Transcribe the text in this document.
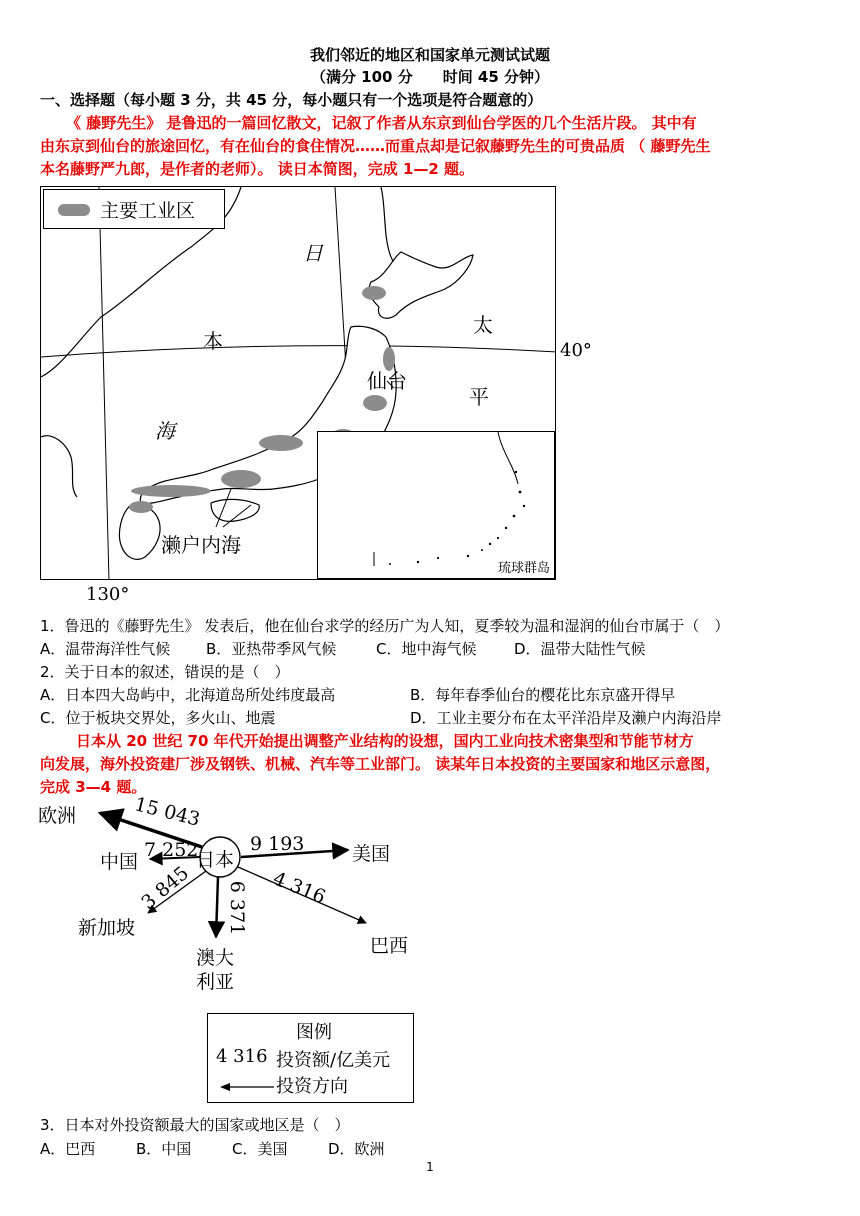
我们邻近的地区和国家单元测试试题
（满分 100 分　　时间 45 分钟）
一、选择题（每小题 3 分，共 45 分，每小题只有一个选项是符合题意的）
《 藤野先生》 是鲁迅的一篇回忆散文，记叙了作者从东京到仙台学医的几个生活片段。 其中有
由东京到仙台的旅途回忆，有在仙台的食住情况……而重点却是记叙藤野先生的可贵品质 （ 藤野先生
本名藤野严九郎，是作者的老师）。 读日本简图，完成 1—2 题。
主要工业区
日
本
海
太
平
仙台
濑户内海
琉球群岛
40°
130°
1．鲁迅的《藤野先生》 发表后，他在仙台求学的经历广为人知，夏季较为温和湿润的仙台市属于（　）
A．温带海洋性气候 B．亚热带季风气候	C．地中海气候	D．温带大陆性气候
2．关于日本的叙述，错误的是（　）
A．日本四大岛屿中，北海道岛所处纬度最高	B．每年春季仙台的樱花比东京盛开得早
C．位于板块交界处，多火山、地震	D．工业主要分布在太平洋沿岸及濑户内海沿岸
日本从 20 世纪 70 年代开始提出调整产业结构的设想，国内工业向技术密集型和节能节材方
向发展，海外投资建厂涉及钢铁、机械、汽车等工业部门。 读某年日本投资的主要国家和地区示意图，
完成 3—4 题。
日本
欧洲	15 043
美国
9 193
中国
7 252
巴西
4 316
新加坡
3 845
澳大
利亚
6 371
图例
4 316 投资额/亿美元
投资方向
3．日本对外投资额最大的国家或地区是（　）
A．巴西	B．中国	C．美国	D．欧洲
1
